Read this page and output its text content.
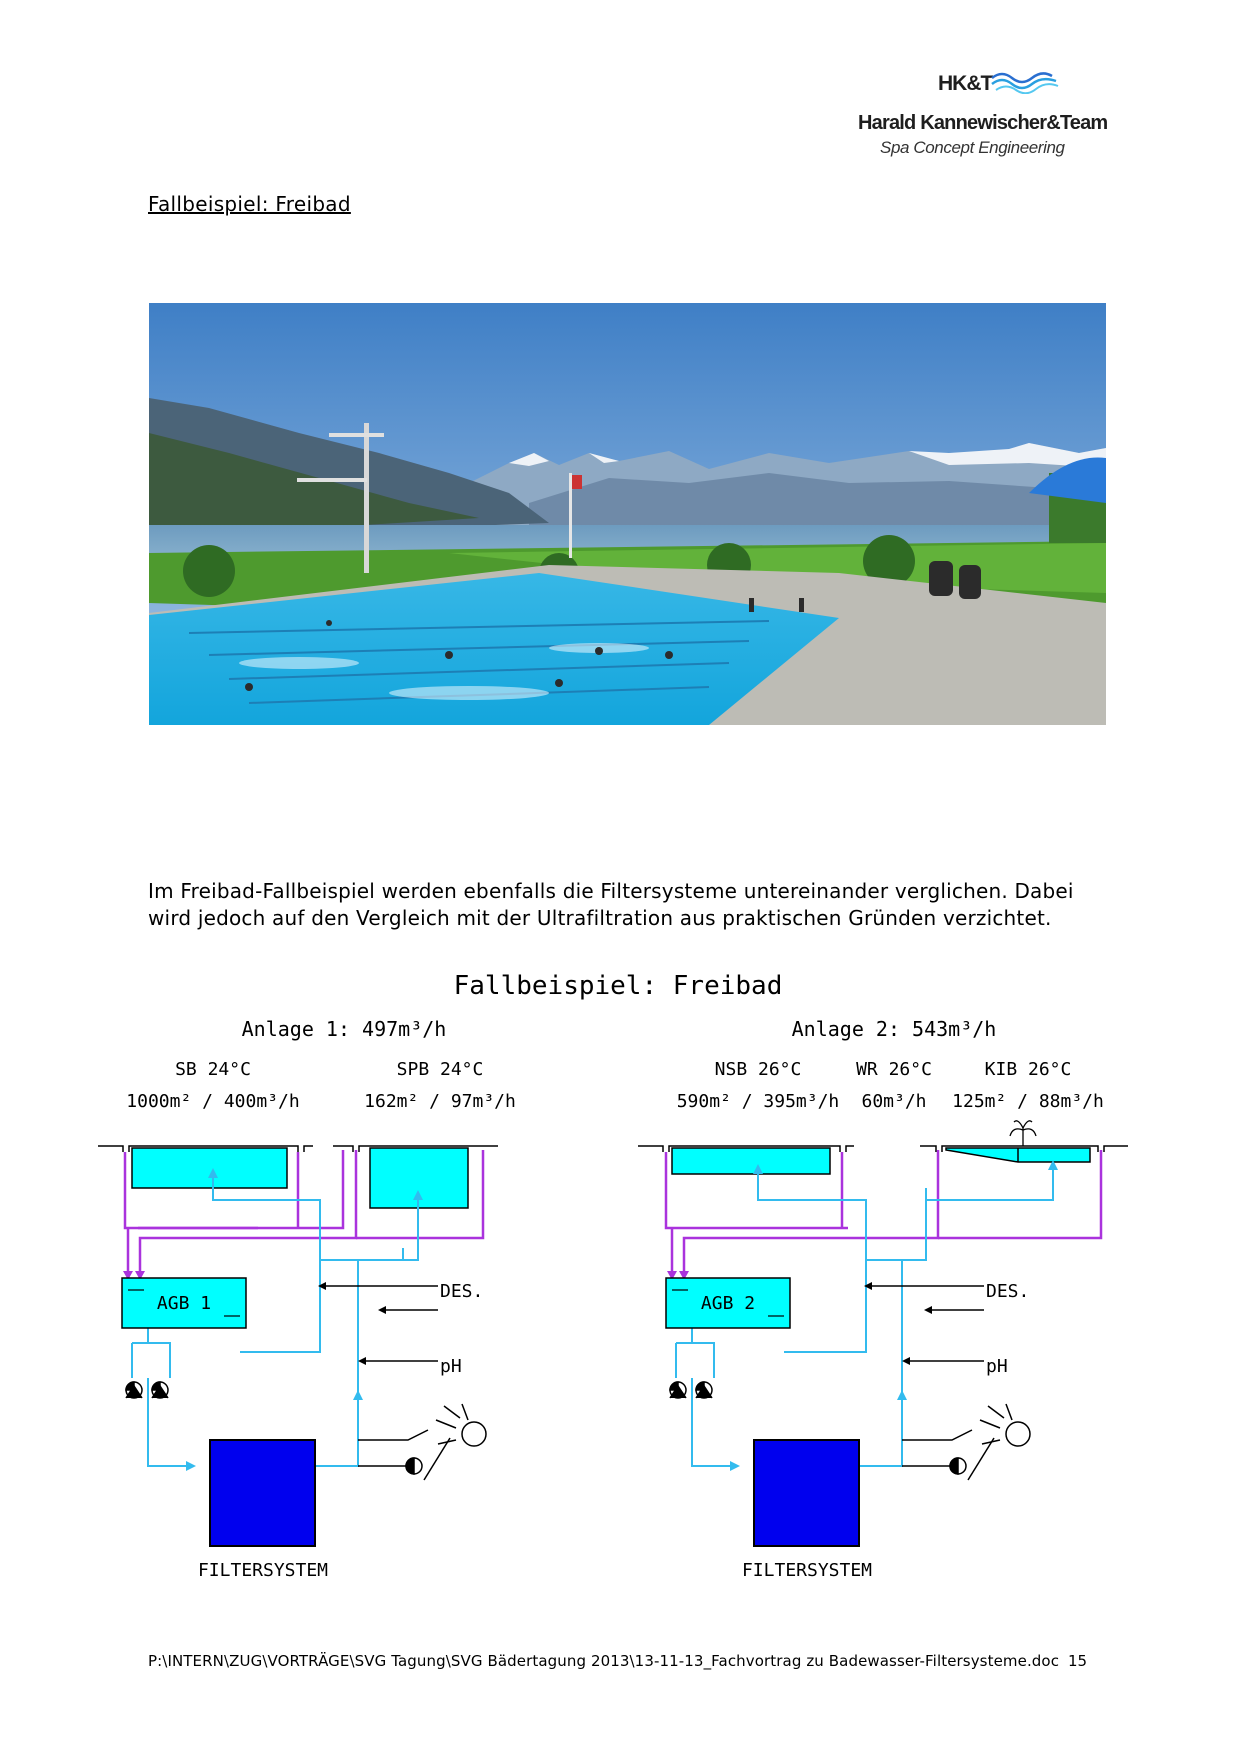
HK&T
Harald Kannewischer&Team
Spa Concept Engineering
Fallbeispiel: Freibad

Im Freibad-Fallbeispiel werden ebenfalls die Filtersysteme untereinander verglichen. Dabei

wird jedoch auf den Vergleich mit der Ultrafiltration aus praktischen Gründen verzichtet.

Fallbeispiel: Freibad
Anlage 1: 497m³/h
SB 24°C
1000m² / 400m³/h
SPB 24°C
162m² / 97m³/h
DES.
pH
AGB 1
FILTERSYSTEM
Anlage 2: 543m³/h
NSB 26°C
590m² / 395m³/h
WR 26°C
60m³/h
KIB 26°C
125m² / 88m³/h
DES.
pH
AGB 2
FILTERSYSTEM
P:\INTERN\ZUG\VORTRÄGE\SVG Tagung\SVG Bädertagung 2013\13-11-13_Fachvortrag zu Badewasser-Filtersysteme.doc 15
